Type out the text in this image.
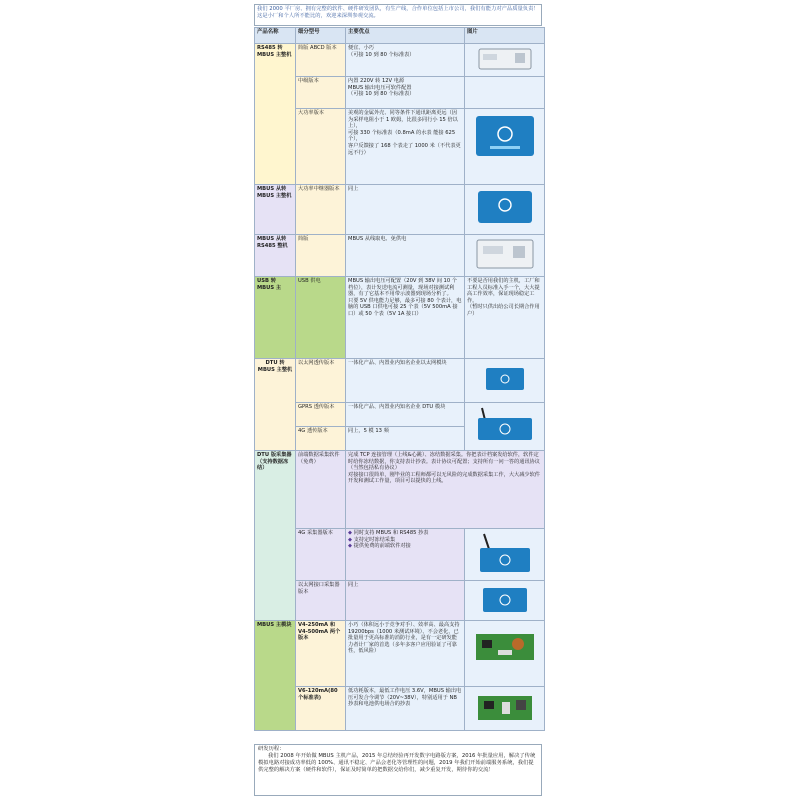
我们 2000 平厂房、拥有完整的软件、硬件研发团队，有生产线，合作单位包括上市公司，我们有能力对产品质量负责！这是小厂和个人所不能比的，欢迎来深圳参观交流。
产品名称	细分型号	主要优点	图片
RS485 转 MBUS 主整机	简版 ABCD 版本	便宜、小巧
（可接 10 到 80 个标准表）	

	中级版本	内置 220V 转 12V 电源
MBUS 输出电压可软件配置
（可接 10 到 80 个标准表）	
	大功率版本	美观的金属外壳、同等条件下通讯距离更远（因为采样电阻小于 1 欧姆，比很多同行小 15 倍以上），
可接 330 个标准表（0.8mA 的水表 能接 625 个），
客户反馈接了 168 个表走了 1000 米（不代表更远不行）	

MBUS 从转 MBUS 主整机	大功率中继器版本	同上	

MBUS 从转 RS485 整机	简版	MBUS 从线取电、免供电	

USB 转 MBUS 主	USB 供电	MBUS 输出电压可配置（20V 到 38V 间 10 个档位），表计发送电流可测量，现场对接测试利器，有了它基本不用带示波器到现场分析了。
只要 5V 供电能力足够，最多可接 80 个表计，电脑的 USB 口供电可接 25 个表（5V 500mA 接口）或 50 个表（5V 1A 接口）	不要是否用我们的主机，工厂和工程人员标准入手一个，大大提高工作效率，保证现场稳定工作。
（暂时只供出给公司长期合作用户）
DTU 转 MBUS 主整机	以太网透传版本	一体化产品、内置业内知名企业以太网模块	

	GPRS 透传版本	一体化产品、内置业内知名企业 DTU 模块	

	4G 透传版本	同上，5 模 13 频	
DTU 版采集器（支持数据冻结）	前端数据采集软件（免费）	完成 TCP 连接管理（上线&心跳）、冻结数据采集。你把表计档案发给软件，软件定时给你冻结数据，你支持表计抄表。表计协议可配置；支持所有一问一答的通讯协议（当然包括私有协议）
对接接口很简单，刚毕业的工程师都可以无风险的完成数据采集工作，大大减少软件开发和测试工作量，项目可以提快的上线。	
	4G 采集器版本	◆ 同时支持 MBUS 和 RS485 抄表
◆ 支持定时冻结采集
◆ 提供免费的前端软件对接

	以太网接口采集器版本	同上	

MBUS 主模块	V4-250mA 和 V4-500mA 两个版本	小巧（体积远小于竞争对手）、效率高、最高支持 19200bps（1000 米测试环境）、不会老化、已批量用于更高标准的消防行业，是有一定研发能力者计厂家的首选（多年多客户应用验证了可靠性，低风险）	

	V6-120mA(80 个标准表)	低功耗版本，最低工作电压 3.6V，MBUS 输出电压可发合今调节（20V~38V），特别适用于 NB 抄表和电池供电场合的抄表	
研发历程：
我们 2008 年开始做 MBUS 主机产品，2015 年总结经验再开发数字电路版方案，2016 年批量应用，解决了传统模拟电路对接成功率低的 100%、通讯不稳定、产品会老化等管理性的问题，2019 年我们开始前端服务系统，我们提供完整的解决方案（硬件和软件），保证及时简单的把数据交给你们，减少重复开发，期待你的交流！
